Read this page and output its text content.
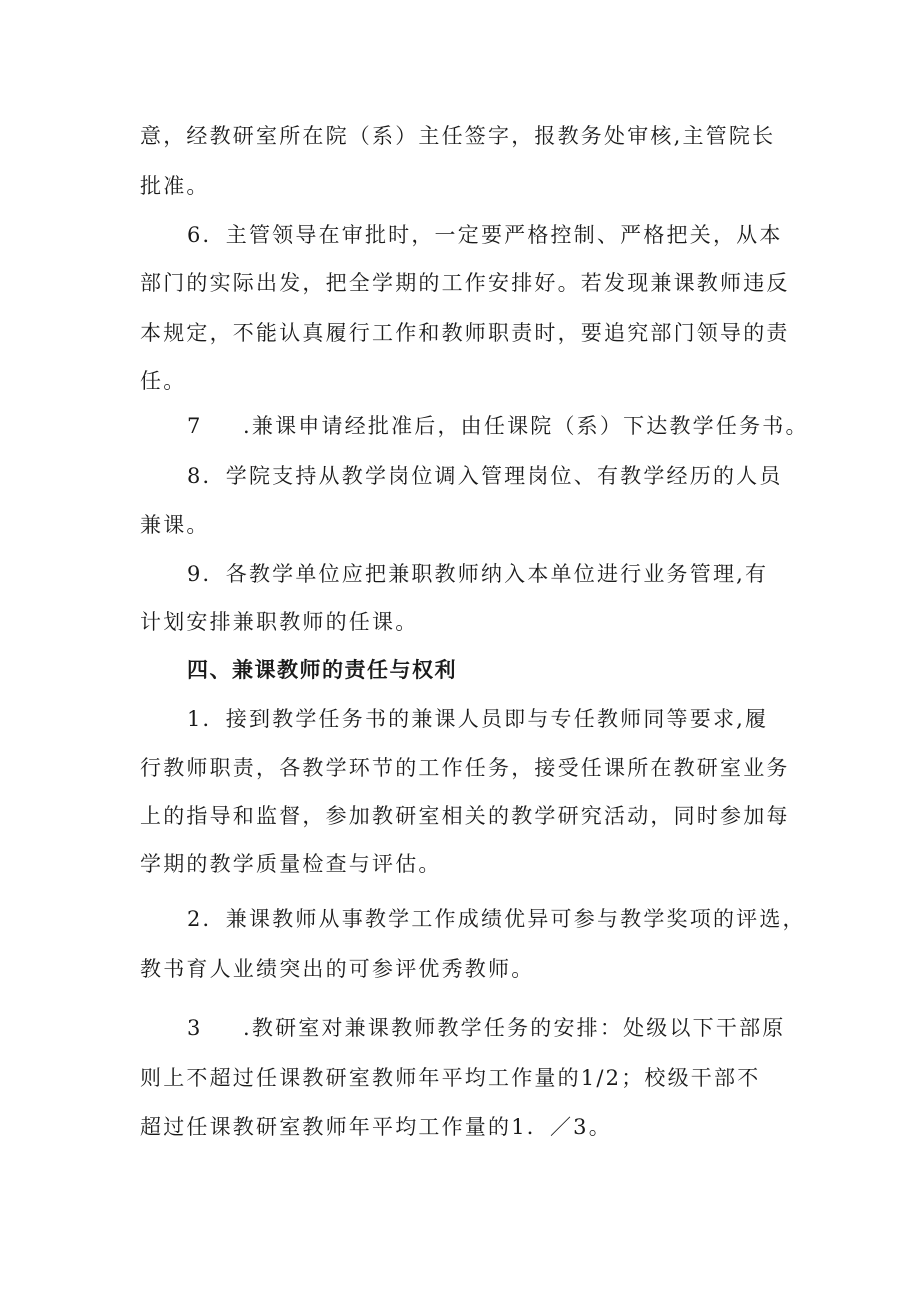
意，经教研室所在院（系）主任签字，报教务处审核,主管院长
批准。
6．主管领导在审批时，一定要严格控制、严格把关，从本
部门的实际出发，把全学期的工作安排好。若发现兼课教师违反
本规定，不能认真履行工作和教师职责时，要追究部门领导的责
任。
7 .兼课申请经批准后，由任课院（系）下达教学任务书。
8．学院支持从教学岗位调入管理岗位、有教学经历的人员
兼课。
9．各教学单位应把兼职教师纳入本单位进行业务管理,有
计划安排兼职教师的任课。
四、兼课教师的责任与权利
1．接到教学任务书的兼课人员即与专任教师同等要求,履
行教师职责，各教学环节的工作任务，接受任课所在教研室业务
上的指导和监督，参加教研室相关的教学研究活动，同时参加每
学期的教学质量检查与评估。
2．兼课教师从事教学工作成绩优异可参与教学奖项的评选，
教书育人业绩突出的可参评优秀教师。
3 .教研室对兼课教师教学任务的安排：处级以下干部原
则上不超过任课教研室教师年平均工作量的1/2；校级干部不
超过任课教研室教师年平均工作量的1．／3。
